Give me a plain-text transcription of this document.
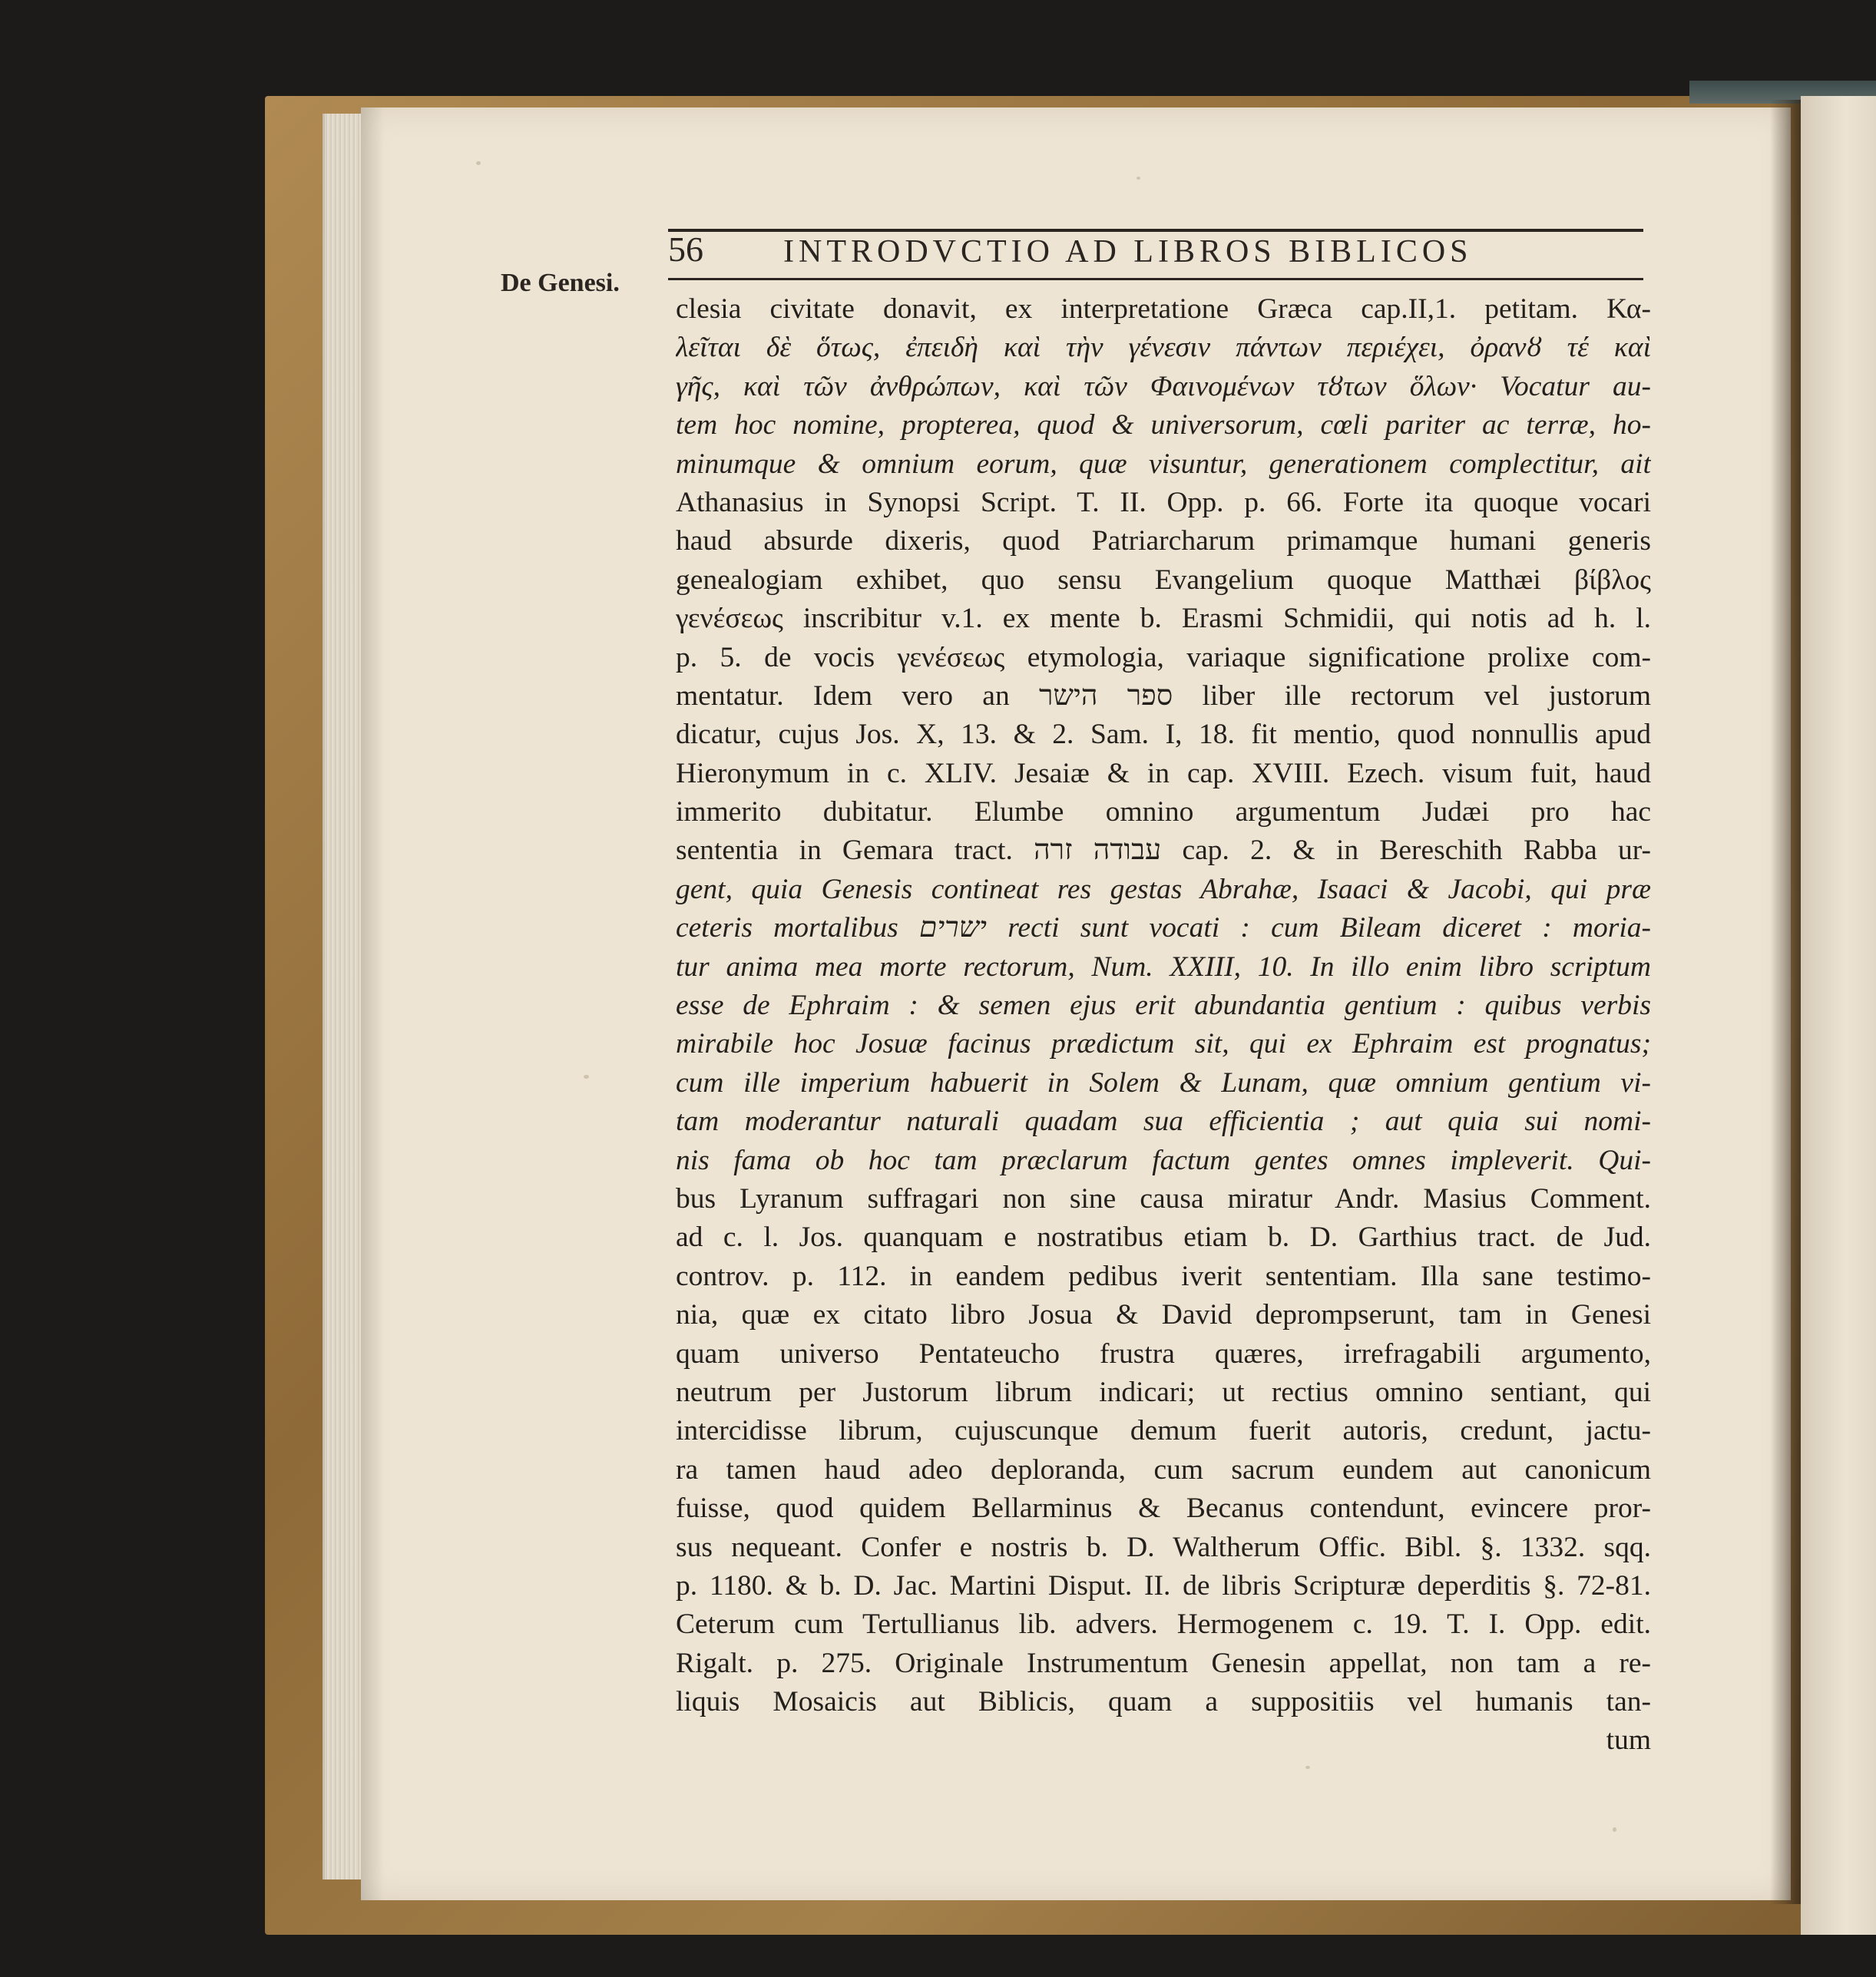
De Genesi.
56 INTRODVCTIO AD LIBROS BIBLICOS
clesia civitate donavit, ex interpretatione Græca cap.II,1. petitam. Κα-
λεῖται δὲ ὅτως, ἐπειδὴ καὶ τὴν γένεσιν πάντων περιέχει, ὀρανȣ τέ καὶ
γῆς, καὶ τῶν ἀνθρώπων, καὶ τῶν Φαινομένων τȣτων ὅλων· Vocatur au-
tem hoc nomine, propterea, quod & universorum, cœli pariter ac terræ, ho-
minumque & omnium eorum, quæ visuntur, generationem complectitur, ait
Athanasius in Synopsi Script. T. II. Opp. p. 66. Forte ita quoque vocari
haud absurde dixeris, quod Patriarcharum primamque humani generis
genealogiam exhibet, quo sensu Evangelium quoque Matthæi βίβλος
γενέσεως inscribitur v.1. ex mente b. Erasmi Schmidii, qui notis ad h. l.
p. 5. de vocis γενέσεως etymologia, variaque significatione prolixe com-
mentatur. Idem vero an ספר הישר liber ille rectorum vel justorum
dicatur, cujus Jos. X, 13. & 2. Sam. I, 18. fit mentio, quod nonnullis apud
Hieronymum in c. XLIV. Jesaiæ & in cap. XVIII. Ezech. visum fuit, haud
immerito dubitatur. Elumbe omnino argumentum Judæi pro hac
sententia in Gemara tract. עבודה זרה cap. 2. & in Bereschith Rabba ur-
gent, quia Genesis contineat res gestas Abrahæ, Isaaci & Jacobi, qui præ
ceteris mortalibus ישרים recti sunt vocati : cum Bileam diceret : moria-
tur anima mea morte rectorum, Num. XXIII, 10. In illo enim libro scriptum
esse de Ephraim : & semen ejus erit abundantia gentium : quibus verbis
mirabile hoc Josuæ facinus prædictum sit, qui ex Ephraim est prognatus;
cum ille imperium habuerit in Solem & Lunam, quæ omnium gentium vi-
tam moderantur naturali quadam sua efficientia ; aut quia sui nomi-
nis fama ob hoc tam præclarum factum gentes omnes impleverit. Qui-
bus Lyranum suffragari non sine causa miratur Andr. Masius Comment.
ad c. l. Jos. quanquam e nostratibus etiam b. D. Garthius tract. de Jud.
controv. p. 112. in eandem pedibus iverit sententiam. Illa sane testimo-
nia, quæ ex citato libro Josua & David deprompserunt, tam in Genesi
quam universo Pentateucho frustra quæres, irrefragabili argumento,
neutrum per Justorum librum indicari; ut rectius omnino sentiant, qui
intercidisse librum, cujuscunque demum fuerit autoris, credunt, jactu-
ra tamen haud adeo deploranda, cum sacrum eundem aut canonicum
fuisse, quod quidem Bellarminus & Becanus contendunt, evincere pror-
sus nequeant. Confer e nostris b. D. Waltherum Offic. Bibl. §. 1332. sqq.
p. 1180. & b. D. Jac. Martini Disput. II. de libris Scripturæ deperditis §. 72-81.
Ceterum cum Tertullianus lib. advers. Hermogenem c. 19. T. I. Opp. edit.
Rigalt. p. 275. Originale Instrumentum Genesin appellat, non tam a re-
liquis Mosaicis aut Biblicis, quam a suppositiis vel humanis tan-
tum
